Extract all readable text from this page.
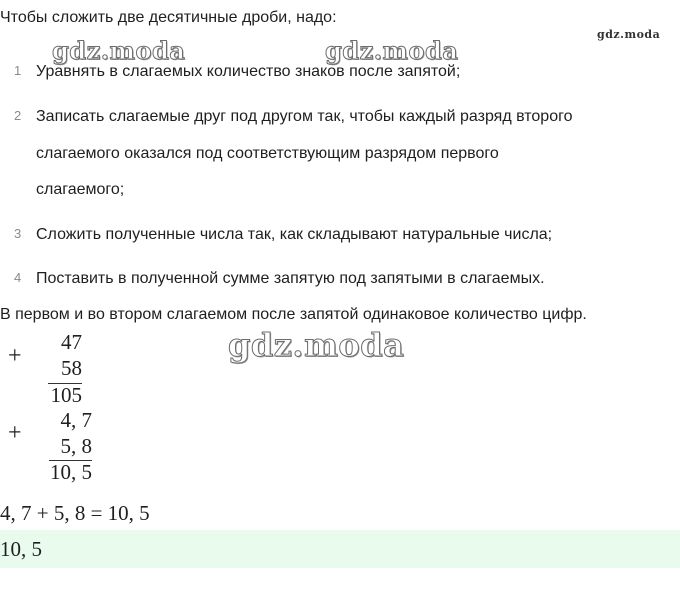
Чтобы сложить две десятичные дроби, надо:
gdz.moda	gdz.moda
gdz.moda
gdz.moda
1 Уравнять в слагаемых количество знаков после запятой;
2 Записать слагаемые друг под другом так, чтобы каждый разряд второго
слагаемого оказался под соответствующим разрядом первого
слагаемого;
3 Сложить полученные числа так, как складывают натуральные числа;
4 Поставить в полученной сумме запятую под запятыми в слагаемых.
В первом и во втором слагаемом после запятой одинаковое количество цифр.
+
47
58
105
+	4, 7
5, 8
10, 5
4, 7 + 5, 8 = 10, 5
10, 5
